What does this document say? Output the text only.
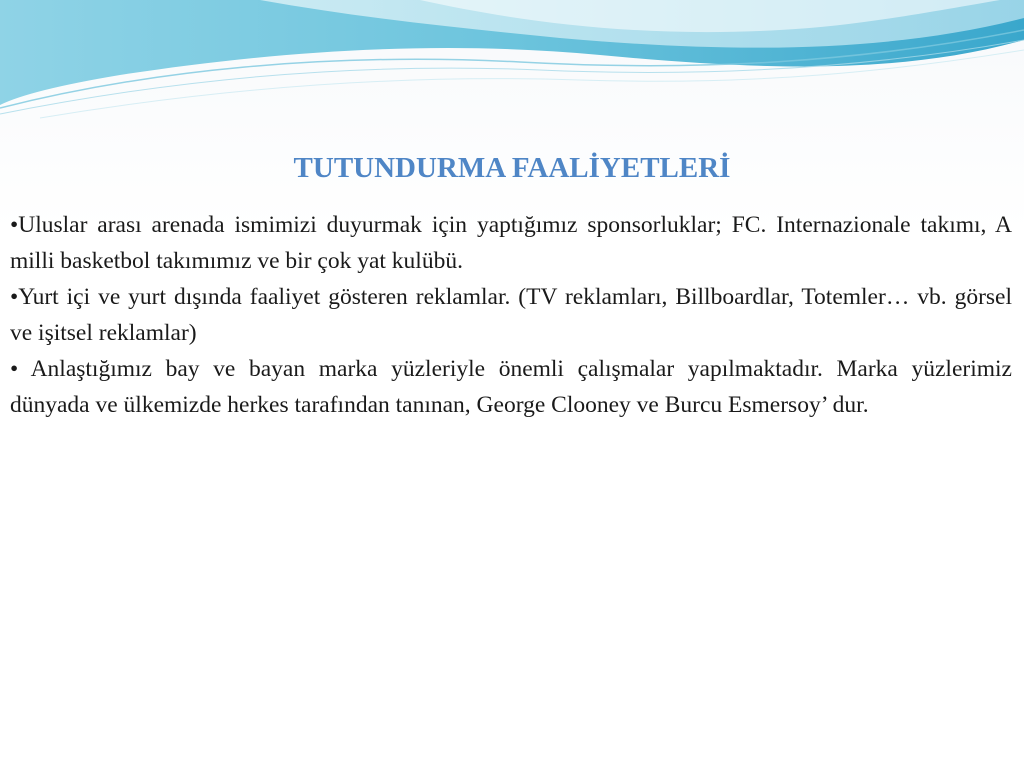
TUTUNDURMA FAALİYETLERİ

•Uluslar arası arenada ismimizi duyurmak için yaptığımız sponsorluklar; FC. Internazionale takımı, A milli basketbol takımımız ve bir çok yat kulübü.

•Yurt içi ve yurt dışında faaliyet gösteren reklamlar. (TV reklamları, Billboardlar, Totemler… vb. görsel ve işitsel reklamlar)

• Anlaştığımız bay ve bayan marka yüzleriyle önemli çalışmalar yapılmaktadır. Marka yüzlerimiz dünyada ve ülkemizde herkes tarafından tanınan, George Clooney ve Burcu Esmersoy’ dur.
